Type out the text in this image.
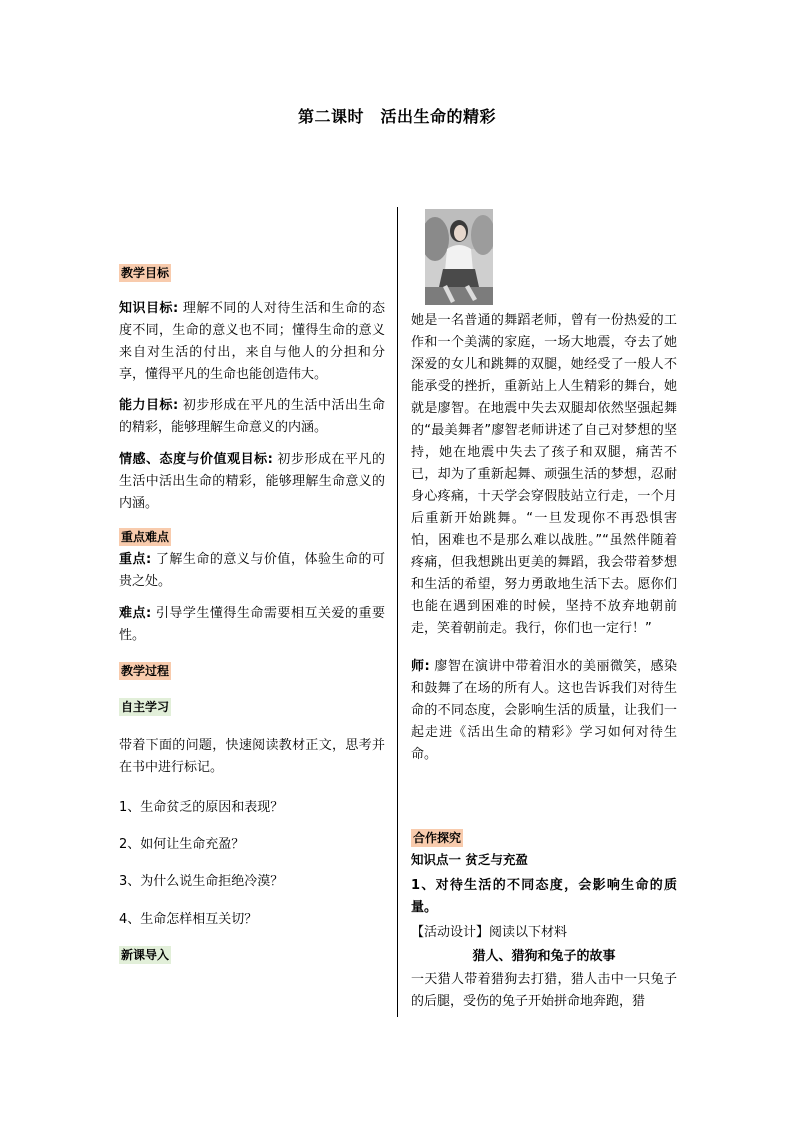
第二课时　活出生命的精彩
教学目标

知识目标: 理解不同的人对待生活和生命的态度不同，生命的意义也不同；懂得生命的意义来自对生活的付出，来自与他人的分担和分享，懂得平凡的生命也能创造伟大。

能力目标: 初步形成在平凡的生活中活出生命的精彩，能够理解生命意义的内涵。

情感、态度与价值观目标: 初步形成在平凡的生活中活出生命的精彩，能够理解生命意义的内涵。

重点难点

重点: 了解生命的意义与价值，体验生命的可贵之处。

难点: 引导学生懂得生命需要相互关爱的重要性。

教学过程
自主学习

带着下面的问题，快速阅读教材正文，思考并在书中进行标记。

1、生命贫乏的原因和表现？
2、如何让生命充盈？
3、为什么说生命拒绝冷漠？
4、生命怎样相互关切？
新课导入

她是一名普通的舞蹈老师，曾有一份热爱的工作和一个美满的家庭，一场大地震，夺去了她深爱的女儿和跳舞的双腿，她经受了一般人不能承受的挫折，重新站上人生精彩的舞台，她就是廖智。在地震中失去双腿却依然坚强起舞的“最美舞者”廖智老师讲述了自己对梦想的坚持，她在地震中失去了孩子和双腿，痛苦不已，却为了重新起舞、顽强生活的梦想，忍耐身心疼痛，十天学会穿假肢站立行走，一个月后重新开始跳舞。“一旦发现你不再恐惧害怕，困难也不是那么难以战胜。”“虽然伴随着疼痛，但我想跳出更美的舞蹈，我会带着梦想和生活的希望，努力勇敢地生活下去。愿你们也能在遇到困难的时候，坚持不放弃地朝前走，笑着朝前走。我行，你们也一定行！”

师: 廖智在演讲中带着泪水的美丽微笑，感染和鼓舞了在场的所有人。这也告诉我们对待生命的不同态度，会影响生活的质量，让我们一起走进《活出生命的精彩》学习如何对待生命。

合作探究
知识点一 贫乏与充盈

1、对待生活的不同态度，会影响生命的质量。

【活动设计】阅读以下材料
猎人、猎狗和兔子的故事

一天猎人带着猎狗去打猎，猎人击中一只兔子的后腿，受伤的兔子开始拼命地奔跑，猎
